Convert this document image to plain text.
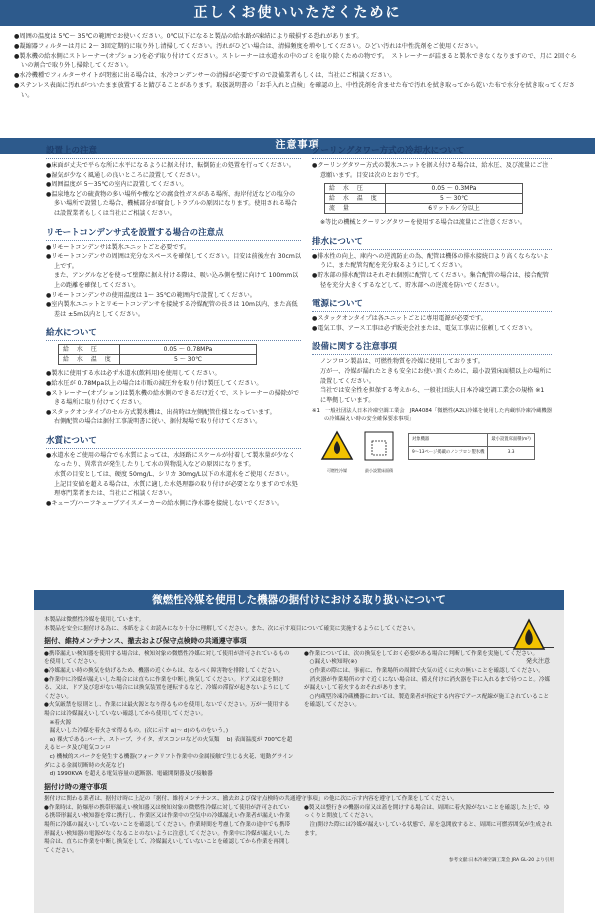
正しくお使いいただくために

●周囲の温度は 5℃〜 35℃の範囲でお使いください。0℃以下になると製品の給水路が凍結により破損する恐れがあります。

●凝縮器フィルターは月に 2〜 3回定期的に取り外し清掃してください。汚れがひどい場合は、清掃頻度を増やしてください。ひどい汚れは中性洗剤をご使用ください。

●製氷機の給水側にストレーナー(オプション)を必ず取り付けてください。ストレーナーは水道水の中のゴミを取り除くための物です。　ストレーナーが詰まると製氷できなくなりますので、月に 2回ぐらいの割合で取り外し掃除してください。

●水冷機種でフィルターサイトが閉塞に出る場合は、水冷コンデンサーの清掃が必要ですので設備業者もしくは、当社にご相談ください。

●ステンレス表面に汚れがついたまま放置すると錆びることがあります。取扱説明書の「お手入れと点検」を確認の上、中性洗剤を含ませた布で汚れを拭き取ってから乾いた布で水分を拭き取ってください。

注意事項
設置上の注意

●床面が丈夫で平らな所に水平になるように据え付け、転倒防止の処置を行ってください。

●湿気が少なく風通しの良いところに設置してください。

●周囲温度が 5〜35℃の室内に設置してください。

●温泉地などの硫黄物の多い場所や酸などの腐食性ガスがある場所、海岸付近などの塩分の多い場所で設置した場合、機械部分が腐食しトラブルの原因になります。使用される場合は設置業者もしくは当社にご相談ください。

リモートコンデンサ式を設置する場合の注意点

●リモートコンデンサは製氷ユニットごと必要です。

●リモートコンデンサの周囲は充分なスペースを確保してください。目安は前後左右 30cm以上です。

また、アングルなどを使って壁際に据え付ける際は、吸い込み側を壁に向けて 100mm以上の距離を確保してください。

●リモートコンデンサの使用温度は 1〜 35℃の範囲内で設置してください。

●室内製氷ユニットとリモートコンデンサを接続する冷媒配管の長さは 10m以内、また高低差は ±5m以内としてください。

給水について
給 水 圧	0.05 〜 0.78MPa
給 水 温 度	5 〜 30℃

●製氷に使用する水は必ず水道水(飲料用)を使用してください。

●給水圧が 0.78Mpa以上の場合は市販の減圧弁を取り付け製圧してください。

●ストレーナー(オプション)は製氷機の給水側のできるだけ近くで、ストレーナーの掃除ができる場所に取り付けてください。

●スタックオンタイプのセル方式製氷機は、出荷時は左側配管仕様となっています。

右側配管の場合は据付工事説明書に従い、据付現場で取り付けてください。

水質について

●水道水をご使用の場合でも水質によっては、水経路にスケールが付着して製氷量が少なくなったり、異常音が発生したりして水の異物混入などの原因になります。

水質の目安としては、硬度 50mg/L、シリカ 30mg/L以下の水道水をご使用ください。

上記目安値を超える場合は、水質に適した水処理器の取り付けが必要となりますので水処理専門業者または、当社にご相談ください。

●キューブ/ハーフキューブアイスメーカーの給水側に浄水器を接続しないでください。

クーリングタワー方式の冷却水について

●クーリングタワー方式の製氷ユニットを据え付ける場合は、給水圧、及び流量にご注意願います。目安は次のとおりです。

給 水 圧	0.05 〜 0.3MPa
給 水 温 度	5 〜 30℃
流 量	6リットル／分以上

※等比の機械とクーリングタワーを使用する場合は流量にご注意ください。

排水について

●排水性の向上、庫内への逆流防止の為、配管は機体の排水接続口より高くならないように、また配管勾配を充分取るようにしてください。

●貯氷部の排水配管はそれぞれ個別に配管してください。集合配管の場合は、接合配管径を充分大きくするなどして、貯氷部への逆流を防いでください。

電源について

●スタックオンタイプは各ユニットごとに専用電源が必要です。

●電気工事、アース工事は必ず販売会社または、電気工事店に依頼してください。

設備に関する注意事項

ノンフロン製品は、可燃性物質を冷媒に使用しております。

万が一、冷媒が漏れたときも安全にお使い頂くために、最小設置床面積以上の場所に設置してください。

当社では安全性を担保する考えから、一般社団法人日本冷凍空調工業会の規格 ※1 に準拠しています。

※1　一般社団法人日本冷凍空調工業会　JRA4084「微燃性(A2L)冷媒を使用した内蔵形冷凍冷蔵機器の冷媒漏えい時の安全確保要求事項」

可燃性冷媒	最小設置床面積
対象機器	最小設置床面積(m²)
9〜13ページ掲載のノンフロン製氷機	3.3
微燃性冷媒を使用した機器の据付けにおける取り扱いについて
発火注意
本製品は微燃性冷媒を使用しています。
本製品を安全に据付ける為に、本紙をよくお読みになり十分に理解してください。また、次に示す項目について確実に実施するようにしてください。
据付、維持メンテナンス、撤去および保守点検時の共通遵守事項
●携帯漏えい検知器を使用する場合は、検知対象の微燃性冷媒に対して使用が許可されているものを使用してください。
●冷媒漏えい時の換気を妨げるため、機器の近くからは、なるべく障害物を排除してください。
●作業中に冷媒が漏えいした場合には直ちに作業を中断し換気してください。ドア又は窓を開ける、又は、ドア及び窓がない場合には換気装置を運転するなど、冷媒の滞留が起きないようにしてください。
●火気厳禁を原則とし、作業には最火源となり得るものを使用しないでください。万が一使用する場合には冷媒漏えいしていない確認してから使用してください。
　※着火源
　漏えいした冷媒を着火させ得るもの。(次に示す a)〜 d)のものをいう。)
　a) 裸火である:バーナ、ストーブ、ライタ、ガスコンロなどの火気類　 b) 表面温度が 700℃を超えるヒータ及び電気コンロ
　c) 機械的スパークを発生する機器(フォークリフト作業中の金属接触で生じる火花、電動グラインダによる金属切断時の火花など)
　d) 1990KVA を超える電気容量の遮断器、電磁開閉器及び接触器
●作業については、次の換気をしておく必要がある場合に判断して作業を実施してください。
　○漏えい検知時(※)
　○作業の際には、事前に、作業場所の周囲で火気の近くに火の無いことを確認してください。
　消火器が作業場所のすぐ近くにない場合は、備え付けに消火器を手に入れるまで待つこと。冷媒が漏えいして着火するおそれがあります。
　○内蔵型冷凍冷蔵機器においては、製造業者が指定する内容でアース配線が施工されていることを確認してください。
据付け時の遵守事項
据付けに関わる業者は、据付け時に上記の「据付、維持メンテナンス、撤去および保守点検時の共通遵守事項」の他に次に示す内容を遵守して作業をしてください。
●作業時は、防爆形の携帯形漏えい検知器又は検知対象の微燃性冷媒に対して使用が許可されている携帯形漏えい検知器を常に携行し、作業区又は作業中の空気中の冷媒漏えい作業者が漏えい作業場所に冷媒の漏えいしていないことを確認してください。作業時間を考慮して作業の途中でも携帯形漏えい検知器の電源がなくなることのないように注意してください。作業中に冷媒が漏えいした場合は、直ちに作業を中断し換気をして、冷媒漏えいしていないことを確認してから作業を再開してください。
●製又は整行きの機器の扉又は蓋を開けする場合は、周囲に着火源がないことを確認した上で、ゆっくりと開放してください。
　注)開けた際には冷媒が漏えいしている状態で、扉を急開放すると、周囲に可燃雰囲気が生成されます。
参考文献:日本冷凍空調工業会 JRA GL-20 より引用
